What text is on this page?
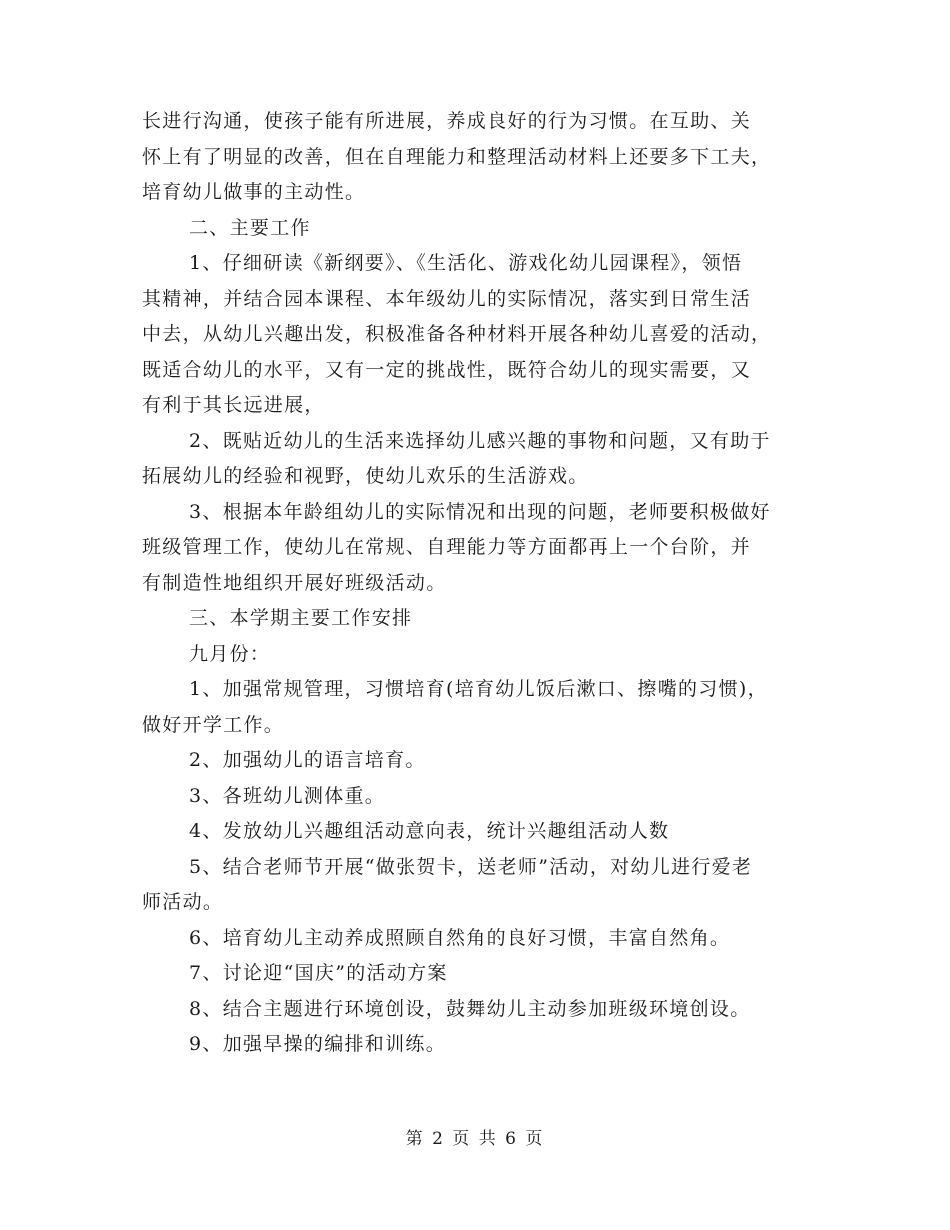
长进行沟通，使孩子能有所进展，养成良好的行为习惯。在互助、关
怀上有了明显的改善，但在自理能力和整理活动材料上还要多下工夫，
培育幼儿做事的主动性。
二、主要工作
1、仔细研读《新纲要》、《生活化、游戏化幼儿园课程》，领悟
其精神，并结合园本课程、本年级幼儿的实际情况，落实到日常生活
中去，从幼儿兴趣出发，积极准备各种材料开展各种幼儿喜爱的活动，
既适合幼儿的水平，又有一定的挑战性，既符合幼儿的现实需要，又
有利于其长远进展，
2、既贴近幼儿的生活来选择幼儿感兴趣的事物和问题，又有助于
拓展幼儿的经验和视野，使幼儿欢乐的生活游戏。
3、根据本年龄组幼儿的实际情况和出现的问题，老师要积极做好
班级管理工作，使幼儿在常规、自理能力等方面都再上一个台阶，并
有制造性地组织开展好班级活动。
三、本学期主要工作安排
九月份：
1、加强常规管理，习惯培育(培育幼儿饭后漱口、擦嘴的习惯)，
做好开学工作。
2、加强幼儿的语言培育。
3、各班幼儿测体重。
4、发放幼儿兴趣组活动意向表，统计兴趣组活动人数
5、结合老师节开展“做张贺卡，送老师”活动，对幼儿进行爱老
师活动。
6、培育幼儿主动养成照顾自然角的良好习惯，丰富自然角。
7、讨论迎“国庆”的活动方案
8、结合主题进行环境创设，鼓舞幼儿主动参加班级环境创设。
9、加强早操的编排和训练。
第 2 页 共 6 页
